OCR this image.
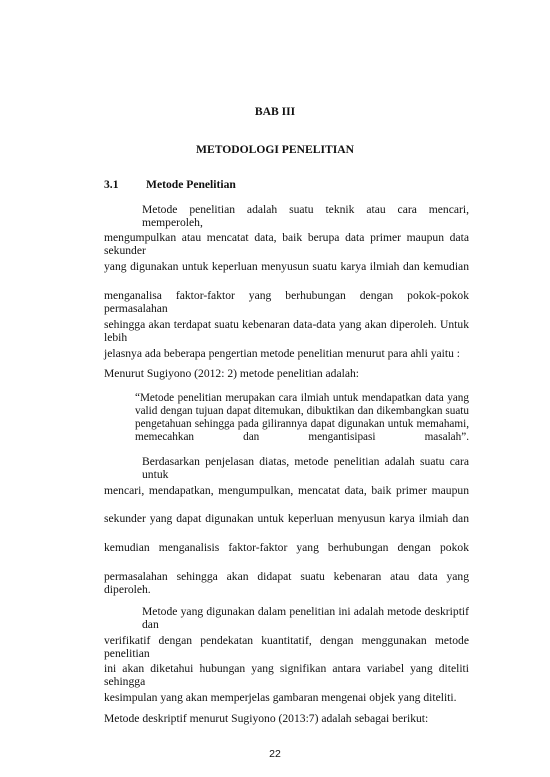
BAB III
METODOLOGI PENELITIAN
3.1 Metode Penelitian
Metode penelitian adalah suatu teknik atau cara mencari, memperoleh,
mengumpulkan atau mencatat data, baik berupa data primer maupun data sekunder
yang digunakan untuk keperluan menyusun suatu karya ilmiah dan kemudian
menganalisa faktor-faktor yang berhubungan dengan pokok-pokok permasalahan
sehingga akan terdapat suatu kebenaran data-data yang akan diperoleh. Untuk lebih
jelasnya ada beberapa pengertian metode penelitian menurut para ahli yaitu :
Menurut Sugiyono (2012: 2) metode penelitian adalah:
“Metode penelitian merupakan cara ilmiah untuk mendapatkan data yang
valid dengan tujuan dapat ditemukan, dibuktikan dan dikembangkan suatu
pengetahuan sehingga pada gilirannya dapat digunakan untuk memahami,
memecahkan dan mengantisipasi masalah”.
Berdasarkan penjelasan diatas, metode penelitian adalah suatu cara untuk
mencari, mendapatkan, mengumpulkan, mencatat data, baik primer maupun
sekunder yang dapat digunakan untuk keperluan menyusun karya ilmiah dan
kemudian menganalisis faktor-faktor yang berhubungan dengan pokok
permasalahan sehingga akan didapat suatu kebenaran atau data yang diperoleh.
Metode yang digunakan dalam penelitian ini adalah metode deskriptif dan
verifikatif dengan pendekatan kuantitatif, dengan menggunakan metode penelitian
ini akan diketahui hubungan yang signifikan antara variabel yang diteliti sehingga
kesimpulan yang akan memperjelas gambaran mengenai objek yang diteliti.
Metode deskriptif menurut Sugiyono (2013:7) adalah sebagai berikut:
22
